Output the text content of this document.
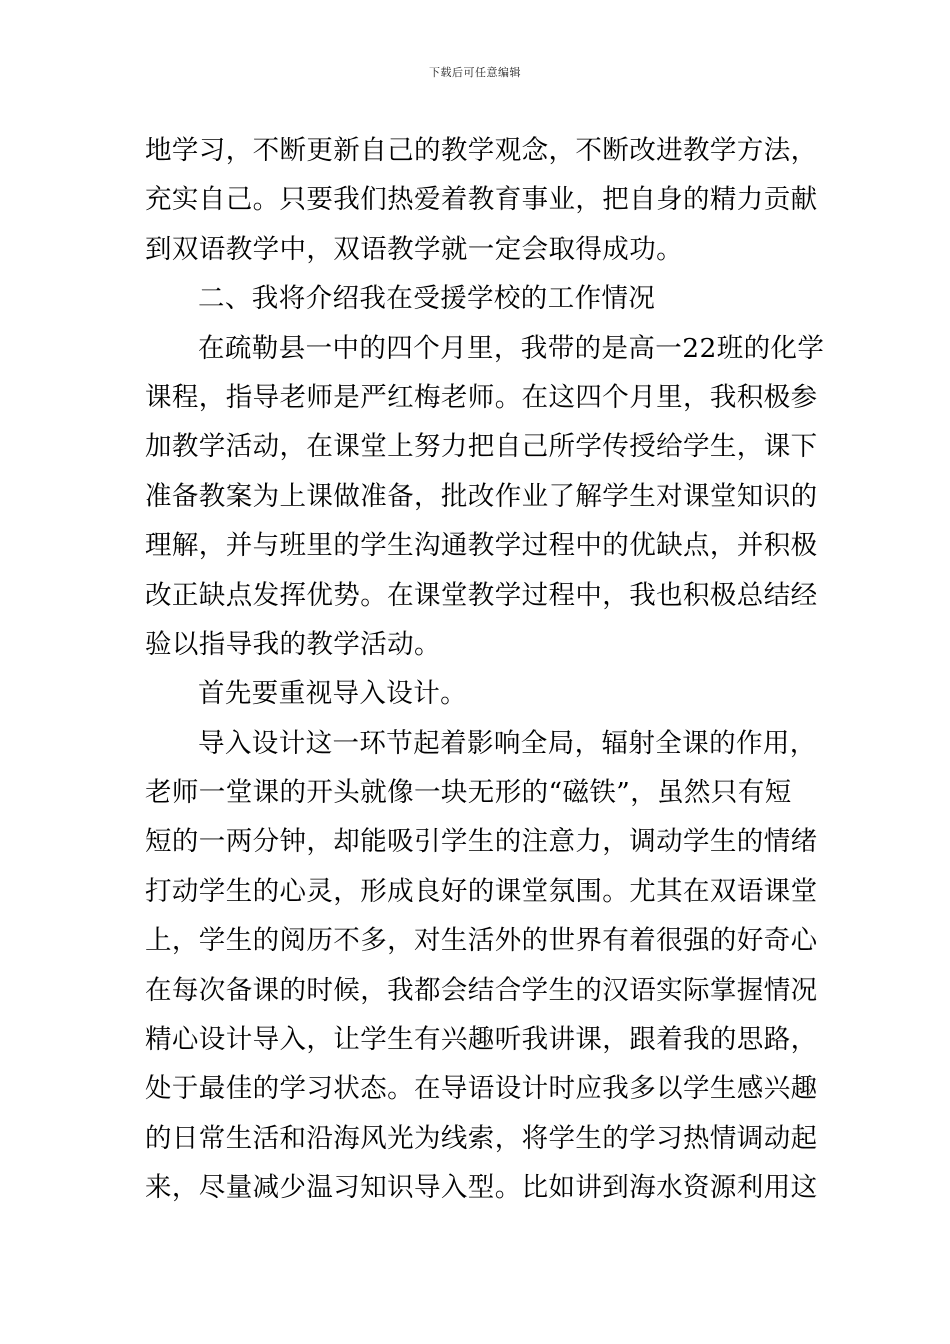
下载后可任意编辑
地学习，不断更新自己的教学观念，不断改进教学方法，
充实自己。只要我们热爱着教育事业，把自身的精力贡献
到双语教学中，双语教学就一定会取得成功。
二、我将介绍我在受援学校的工作情况
在疏勒县一中的四个月里，我带的是高一22班的化学
课程，指导老师是严红梅老师。在这四个月里，我积极参
加教学活动，在课堂上努力把自己所学传授给学生，课下
准备教案为上课做准备，批改作业了解学生对课堂知识的
理解，并与班里的学生沟通教学过程中的优缺点，并积极
改正缺点发挥优势。在课堂教学过程中，我也积极总结经
验以指导我的教学活动。
首先要重视导入设计。
导入设计这一环节起着影响全局，辐射全课的作用，
老师一堂课的开头就像一块无形的“磁铁”，虽然只有短
短的一两分钟，却能吸引学生的注意力，调动学生的情绪
打动学生的心灵，形成良好的课堂氛围。尤其在双语课堂
上，学生的阅历不多，对生活外的世界有着很强的好奇心
在每次备课的时候，我都会结合学生的汉语实际掌握情况
精心设计导入，让学生有兴趣听我讲课，跟着我的思路，
处于最佳的学习状态。在导语设计时应我多以学生感兴趣
的日常生活和沿海风光为线索，将学生的学习热情调动起
来，尽量减少温习知识导入型。比如讲到海水资源利用这
